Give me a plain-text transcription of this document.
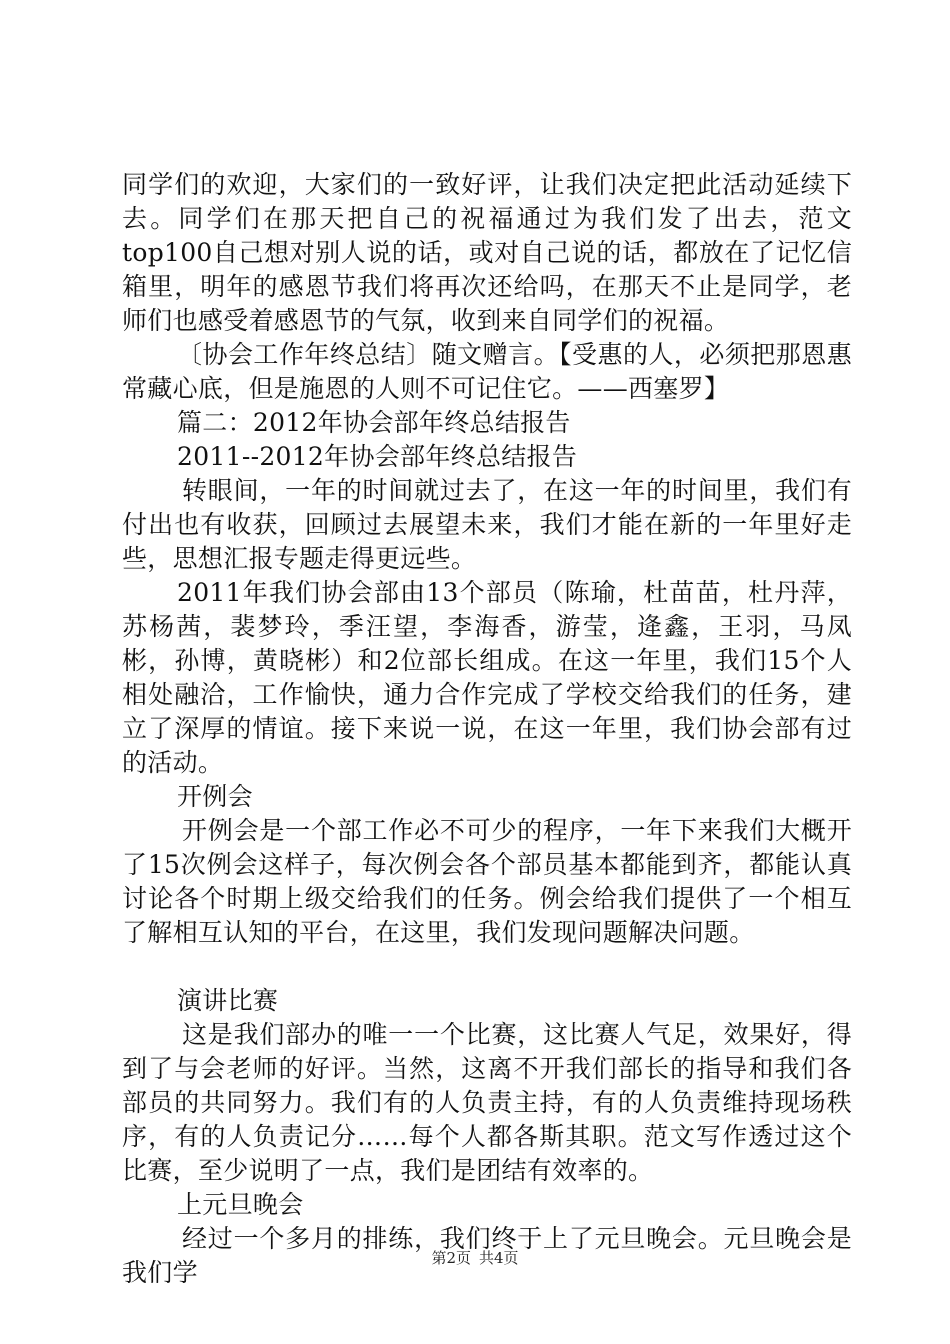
同学们的欢迎，大家们的一致好评，让我们决定把此活动延续下去。同学们在那天把自己的祝福通过为我们发了出去，范文top100自己想对别人说的话，或对自己说的话，都放在了记忆信箱里，明年的感恩节我们将再次还给吗，在那天不止是同学，老师们也感受着感恩节的气氛，收到来自同学们的祝福。

〔协会工作年终总结〕随文赠言。【受惠的人，必须把那恩惠常藏心底，但是施恩的人则不可记住它。——西塞罗】

篇二：2012年协会部年终总结报告

2011--2012年协会部年终总结报告

转眼间，一年的时间就过去了，在这一年的时间里，我们有付出也有收获，回顾过去展望未来，我们才能在新的一年里好走些，思想汇报专题走得更远些。

2011年我们协会部由13个部员（陈瑜，杜苗苗，杜丹萍，苏杨茜，裴梦玲，季汪望，李海香，游莹，逄鑫，王羽，马凤彬，孙博，黄晓彬）和2位部长组成。在这一年里，我们15个人相处融洽，工作愉快，通力合作完成了学校交给我们的任务，建立了深厚的情谊。接下来说一说，在这一年里，我们协会部有过的活动。

开例会

开例会是一个部工作必不可少的程序，一年下来我们大概开了15次例会这样子，每次例会各个部员基本都能到齐，都能认真讨论各个时期上级交给我们的任务。例会给我们提供了一个相互了解相互认知的平台，在这里，我们发现问题解决问题。

演讲比赛

这是我们部办的唯一一个比赛，这比赛人气足，效果好，得到了与会老师的好评。当然，这离不开我们部长的指导和我们各部员的共同努力。我们有的人负责主持，有的人负责维持现场秩序，有的人负责记分……每个人都各斯其职。范文写作透过这个比赛，至少说明了一点，我们是团结有效率的。

上元旦晚会

经过一个多月的排练，我们终于上了元旦晚会。元旦晚会是我们学	第2页 共4页
